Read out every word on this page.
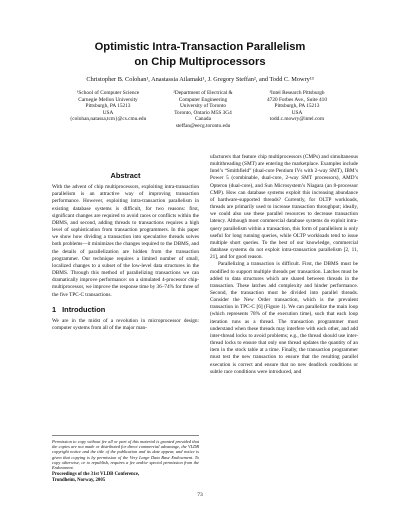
Optimistic Intra-Transaction Parallelism
on Chip Multiprocessors
Christopher B. Colohan¹, Anastassia Ailamaki¹, J. Gregory Steffan², and Todd C. Mowry¹³
¹School of Computer Science
Carnegie Mellon University
Pittsburgh, PA 15213
USA
{colohan,natassa,tcm}@cs.cmu.edu
²Department of Electrical &
Computer Engineering
University of Toronto
Toronto, Ontario M5S 3G4
Canada
steffan@eecg.toronto.edu
³Intel Research Pittsburgh
4720 Forbes Ave., Suite 410
Pittsburgh, PA 15213
USA
todd.c.mowry@intel.com
Abstract

With the advent of chip multiprocessors, exploiting intra-transaction parallelism is an attractive way of improving transaction performance. However, exploiting intra-transaction parallelism in existing database systems is difficult, for two reasons: first, significant changes are required to avoid races or conflicts within the DBMS, and second, adding threads to transactions requires a high level of sophistication from transaction programmers. In this paper we show how dividing a transaction into speculative threads solves both problems—it minimizes the changes required to the DBMS, and the details of parallelization are hidden from the transaction programmer. Our technique requires a limited number of small, localized changes to a subset of the low-level data structures in the DBMS. Through this method of parallelizing transactions we can dramatically improve performance: on a simulated 4-processor chip-multiprocessor, we improve the response time by 36–74% for three of the five TPC-C transactions.

1 Introduction

We are in the midst of a revolution in microprocessor design: computer systems from all of the major man-

ufacturers that feature chip multiprocessors (CMPs) and simultaneous multithreading (SMT) are entering the marketplace. Examples include Intel’s “Smithfield” (dual-core Pentium IVs with 2-way SMT), IBM’s Power 5 (combinable, dual-core, 2-way SMT processors), AMD’s Opteron (dual-core), and Sun Microsystem’s Niagara (an 8-processor CMP). How can database systems exploit this increasing abundance of hardware-supported threads? Currently, for OLTP workloads, threads are primarily used to increase transaction throughput; ideally, we could also use these parallel resources to decrease transaction latency. Although most commercial database systems do exploit intra-query parallelism within a transaction, this form of parallelism is only useful for long running queries, while OLTP workloads tend to issue multiple short queries. To the best of our knowledge, commercial database systems do not exploit intra-transaction parallelism [2, 11, 21], and for good reason.

Parallelizing a transaction is difficult. First, the DBMS must be modified to support multiple threads per transaction. Latches must be added to data structures which are shared between threads in the transaction. These latches add complexity and hinder performance. Second, the transaction must be divided into parallel threads. Consider the New Order transaction, which is the prevalent transaction in TPC-C [6] (Figure 1). We can parallelize the main loop (which represents 78% of the execution time), such that each loop iteration runs as a thread. The transaction programmer must understand when these threads may interfere with each other, and add inter-thread locks to avoid problems; e.g., the thread should use inter-thread locks to ensure that only one thread updates the quantity of an item in the stock table at a time. Finally, the transaction programmer must test the new transaction to ensure that the resulting parallel execution is correct and ensure that no new deadlock conditions or subtle race conditions were introduced, and

Permission to copy without fee all or part of this material is granted provided that the copies are not made or distributed for direct commercial advantage, the VLDB copyright notice and the title of the publication and its date appear, and notice is given that copying is by permission of the Very Large Data Base Endowment. To copy otherwise, or to republish, requires a fee and/or special permission from the Endowment.
Proceedings of the 31st VLDB Conference,
Trondheim, Norway, 2005
73
